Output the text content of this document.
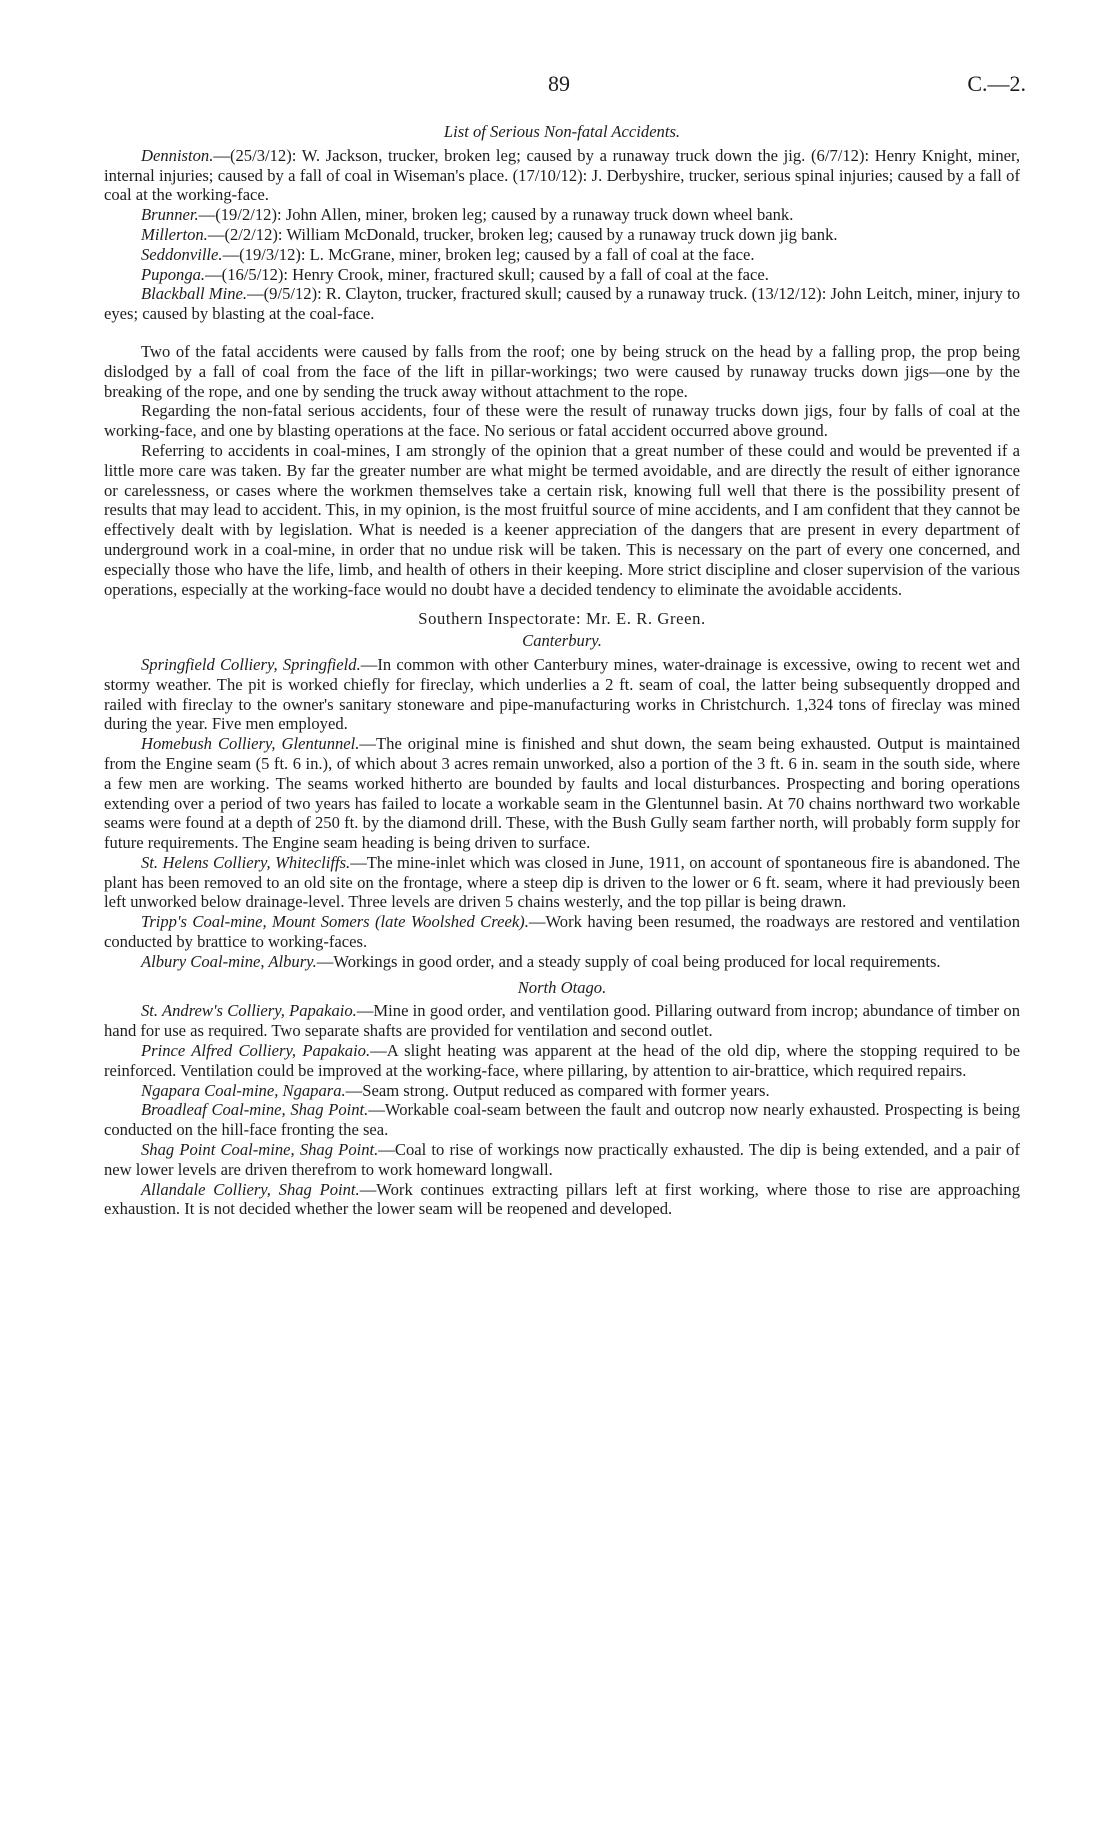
89	C.—2.

List of Serious Non-fatal Accidents.

Denniston.—(25/3/12): W. Jackson, trucker, broken leg; caused by a runaway truck down the jig. (6/7/12): Henry Knight, miner, internal injuries; caused by a fall of coal in Wiseman's place. (17/10/12): J. Derbyshire, trucker, serious spinal injuries; caused by a fall of coal at the working-face.

Brunner.—(19/2/12): John Allen, miner, broken leg; caused by a runaway truck down wheel bank.

Millerton.—(2/2/12): William McDonald, trucker, broken leg; caused by a runaway truck down jig bank.

Seddonville.—(19/3/12): L. McGrane, miner, broken leg; caused by a fall of coal at the face.

Puponga.—(16/5/12): Henry Crook, miner, fractured skull; caused by a fall of coal at the face.

Blackball Mine.—(9/5/12): R. Clayton, trucker, fractured skull; caused by a runaway truck. (13/12/12): John Leitch, miner, injury to eyes; caused by blasting at the coal-face.

Two of the fatal accidents were caused by falls from the roof; one by being struck on the head by a falling prop, the prop being dislodged by a fall of coal from the face of the lift in pillar-workings; two were caused by runaway trucks down jigs—one by the breaking of the rope, and one by sending the truck away without attachment to the rope.

Regarding the non-fatal serious accidents, four of these were the result of runaway trucks down jigs, four by falls of coal at the working-face, and one by blasting operations at the face. No serious or fatal accident occurred above ground.

Referring to accidents in coal-mines, I am strongly of the opinion that a great number of these could and would be prevented if a little more care was taken. By far the greater number are what might be termed avoidable, and are directly the result of either ignorance or carelessness, or cases where the workmen themselves take a certain risk, knowing full well that there is the possibility present of results that may lead to accident. This, in my opinion, is the most fruitful source of mine accidents, and I am confident that they cannot be effectively dealt with by legislation. What is needed is a keener appreciation of the dangers that are present in every department of underground work in a coal-mine, in order that no undue risk will be taken. This is necessary on the part of every one concerned, and especially those who have the life, limb, and health of others in their keeping. More strict discipline and closer supervision of the various operations, especially at the working-face would no doubt have a decided tendency to eliminate the avoidable accidents.

Southern Inspectorate: Mr. E. R. Green.

Canterbury.

Springfield Colliery, Springfield.—In common with other Canterbury mines, water-drainage is excessive, owing to recent wet and stormy weather. The pit is worked chiefly for fireclay, which underlies a 2 ft. seam of coal, the latter being subsequently dropped and railed with fireclay to the owner's sanitary stoneware and pipe-manufacturing works in Christchurch. 1,324 tons of fireclay was mined during the year. Five men employed.

Homebush Colliery, Glentunnel.—The original mine is finished and shut down, the seam being exhausted. Output is maintained from the Engine seam (5 ft. 6 in.), of which about 3 acres remain unworked, also a portion of the 3 ft. 6 in. seam in the south side, where a few men are working. The seams worked hitherto are bounded by faults and local disturbances. Prospecting and boring operations extending over a period of two years has failed to locate a workable seam in the Glentunnel basin. At 70 chains northward two workable seams were found at a depth of 250 ft. by the diamond drill. These, with the Bush Gully seam farther north, will probably form supply for future requirements. The Engine seam heading is being driven to surface.

St. Helens Colliery, Whitecliffs.—The mine-inlet which was closed in June, 1911, on account of spontaneous fire is abandoned. The plant has been removed to an old site on the frontage, where a steep dip is driven to the lower or 6 ft. seam, where it had previously been left unworked below drainage-level. Three levels are driven 5 chains westerly, and the top pillar is being drawn.

Tripp's Coal-mine, Mount Somers (late Woolshed Creek).—Work having been resumed, the roadways are restored and ventilation conducted by brattice to working-faces.

Albury Coal-mine, Albury.—Workings in good order, and a steady supply of coal being produced for local requirements.

North Otago.

St. Andrew's Colliery, Papakaio.—Mine in good order, and ventilation good. Pillaring outward from incrop; abundance of timber on hand for use as required. Two separate shafts are provided for ventilation and second outlet.

Prince Alfred Colliery, Papakaio.—A slight heating was apparent at the head of the old dip, where the stopping required to be reinforced. Ventilation could be improved at the working-face, where pillaring, by attention to air-brattice, which required repairs.

Ngapara Coal-mine, Ngapara.—Seam strong. Output reduced as compared with former years.

Broadleaf Coal-mine, Shag Point.—Workable coal-seam between the fault and outcrop now nearly exhausted. Prospecting is being conducted on the hill-face fronting the sea.

Shag Point Coal-mine, Shag Point.—Coal to rise of workings now practically exhausted. The dip is being extended, and a pair of new lower levels are driven therefrom to work homeward longwall.

Allandale Colliery, Shag Point.—Work continues extracting pillars left at first working, where those to rise are approaching exhaustion. It is not decided whether the lower seam will be reopened and developed.
